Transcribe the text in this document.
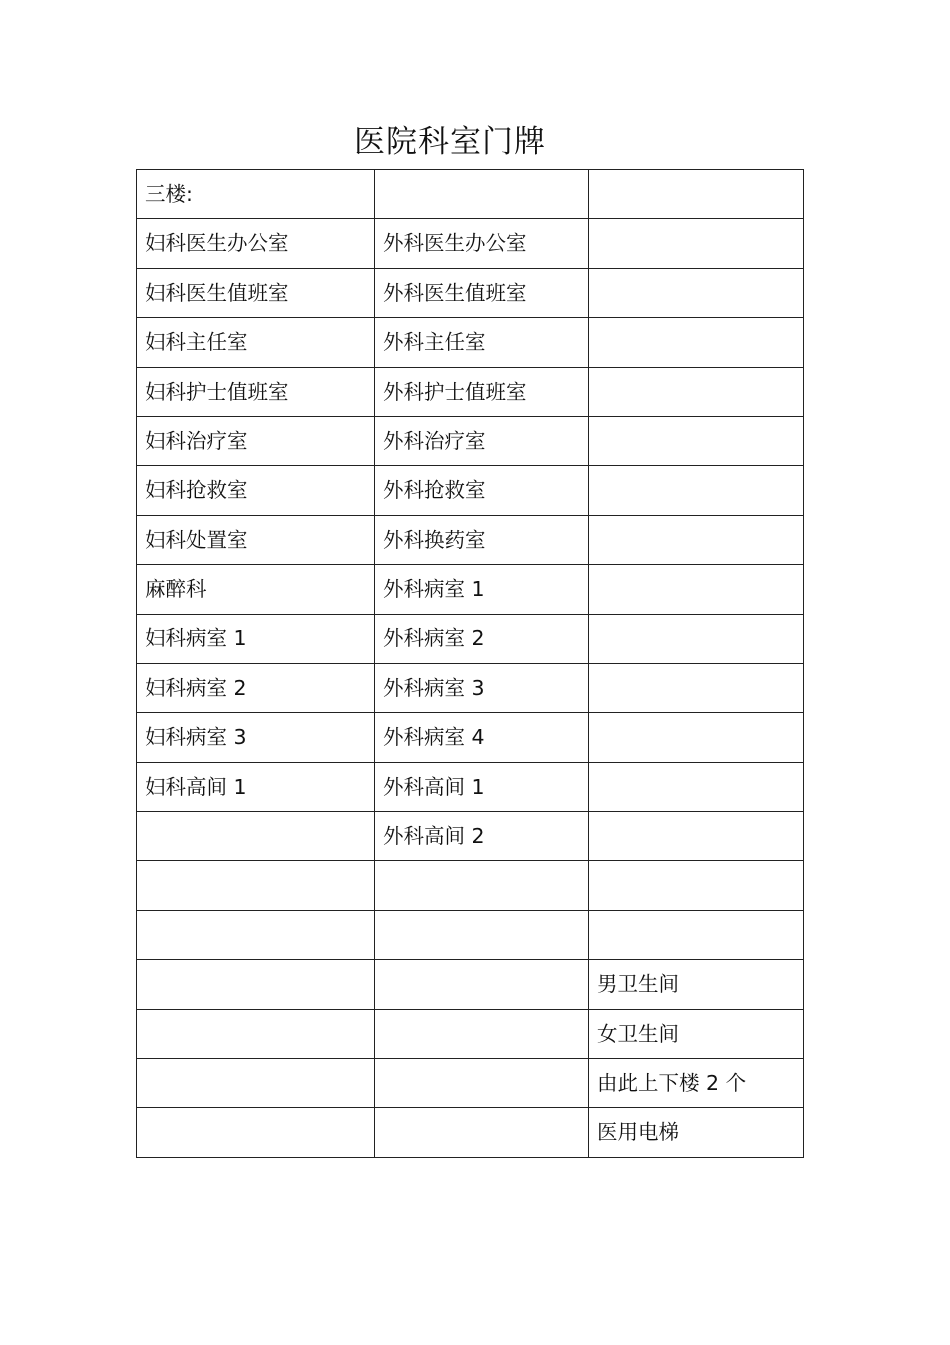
医院科室门牌
三楼:		
妇科医生办公室	外科医生办公室	
妇科医生值班室	外科医生值班室	
妇科主任室	外科主任室	
妇科护士值班室	外科护士值班室	
妇科治疗室	外科治疗室	
妇科抢救室	外科抢救室	
妇科处置室	外科换药室	
麻醉科	外科病室 1	
妇科病室 1	外科病室 2	
妇科病室 2	外科病室 3	
妇科病室 3	外科病室 4	
妇科高间 1	外科高间 1	
	外科高间 2	

		男卫生间
		女卫生间
		由此上下楼 2 个
		医用电梯
